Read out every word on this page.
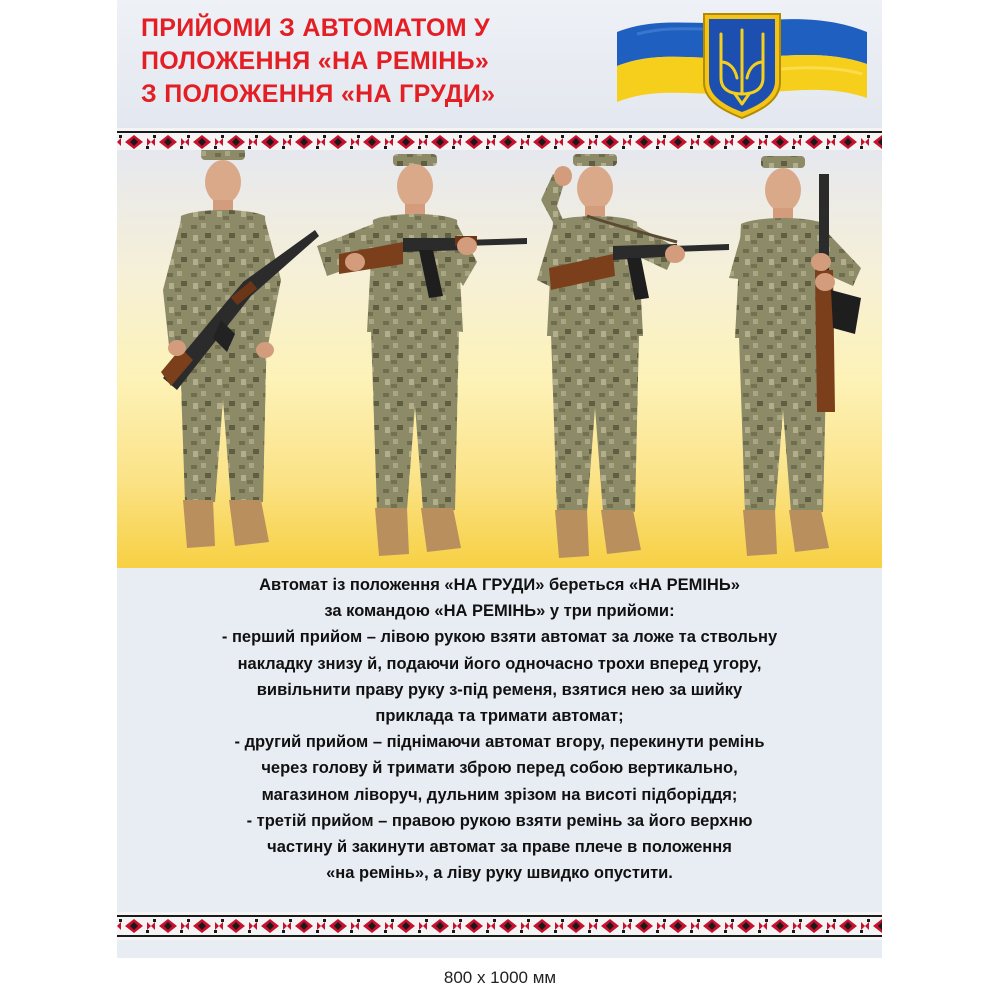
ПРИЙОМИ З АВТОМАТОМ У
ПОЛОЖЕННЯ «НА РЕМІНЬ»
З ПОЛОЖЕННЯ «НА ГРУДИ»

Автомат із положення «НА ГРУДИ» береться «НА РЕМІНЬ»

за командою «НА РЕМІНЬ» у три прийоми:

- перший прийом – лівою рукою взяти автомат за ложе та ствольну

накладку знизу й, подаючи його одночасно трохи вперед угору,

вивільнити праву руку з-під ременя, взятися нею за шийку

приклада та тримати автомат;

- другий прийом – піднімаючи автомат вгору, перекинути ремінь

через голову й тримати зброю перед собою вертикально,

магазином ліворуч, дульним зрізом на висоті підборіддя;

- третій прийом – правою рукою взяти ремінь за його верхню

частину й закинути автомат за праве плече в положення

«на ремінь», а ліву руку швидко опустити.

800 х 1000 мм
